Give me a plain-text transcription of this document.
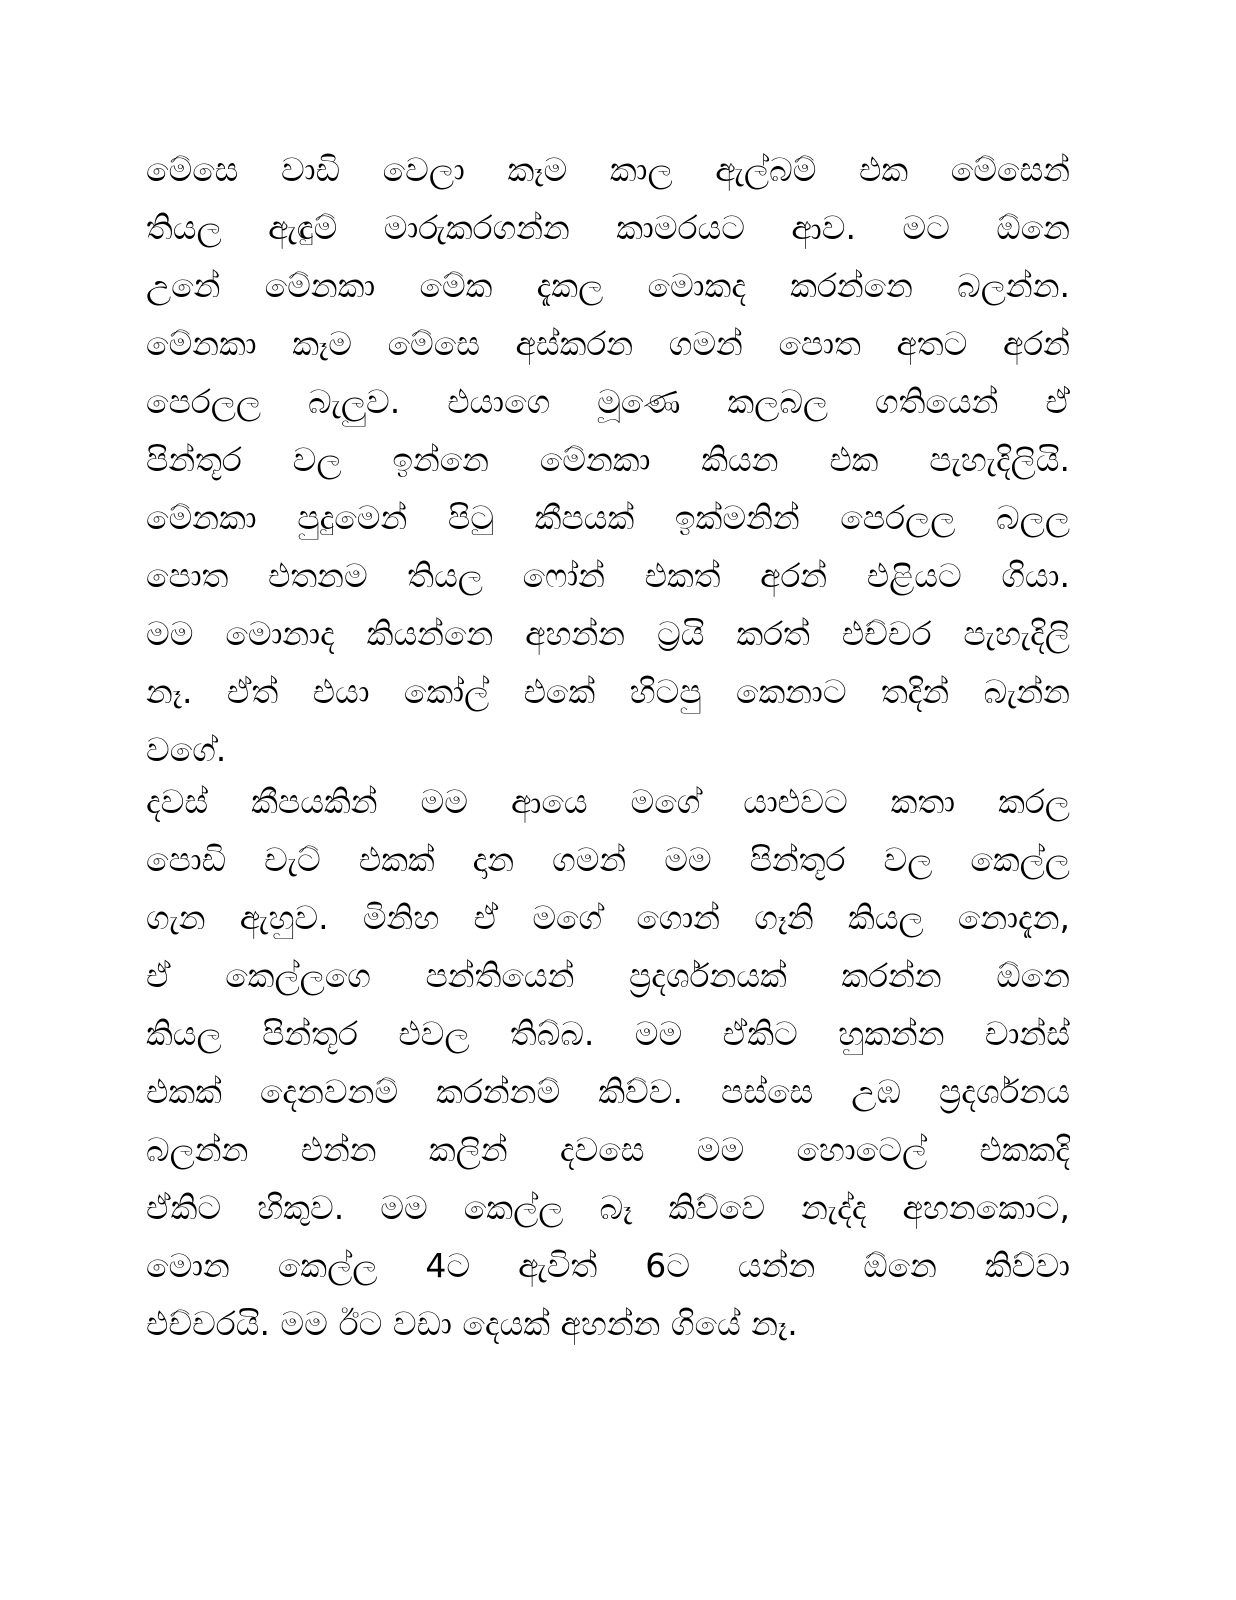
මේසෙ වාඩි වෙලා කෑම කාල ඇල්බම් එක මේසෙන්
තියල ඇඳුම් මාරුකරගන්න කාමරයට ආව. මට ඕනෙ
උනේ මේනකා මේක දැකල මොකද කරන්නෙ බලන්න.
මේනකා කෑම මේසෙ අස්කරන ගමන් පොත අතට අරන්
පෙරලල බැලුව. එයාගෙ මූණෙ කලබල ගතියෙන් ඒ
පින්තූර වල ඉන්නෙ මේනකා කියන එක පැහැදිලියි.
මේනකා පුදුමෙන් පිටු කීපයක් ඉක්මනින් පෙරලල බලල
පොත එතනම තියල ෆෝන් එකත් අරන් එළියට ගියා.
මම මොනාද කියන්නෙ අහන්න ට්‍රයි කරත් එච්චර පැහැදිලි
නෑ. ඒත් එයා කෝල් එකේ හිටපු කෙනාට තදින් බැන්න
වගේ.
දවස් කීපයකින් මම ආයෙ මගේ යාළුවට කතා කරල
පොඩි චැට් එකක් දාන ගමන් මම පින්තූර වල කෙල්ල
ගැන ඇහුව. මිනිහ ඒ මගේ ගොන් ගෑනි කියල නොදැන,
ඒ කෙල්ලගෙ පන්තියෙන් ප්‍රදර්ශනයක් කරන්න ඕනෙ
කියල පින්තූර එවල තිබ්බ. මම ඒකිට හුකන්න චාන්ස්
එකක් දෙනවනම් කරන්නම් කිව්ව. පස්සෙ උඹ ප්‍රදර්ශනය
බලන්න එන්න කලින් දවසෙ මම හොටෙල් එකකදි
ඒකිට හිකුව. මම කෙල්ල බෑ කිව්වෙ නැද්ද අහනකොට,
මොන කෙල්ල 4ට ඇවිත් 6ට යන්න ඕනෙ කිව්වා
එච්චරයි. මම ඊට වඩා දෙයක් අහන්න ගියේ නෑ.
